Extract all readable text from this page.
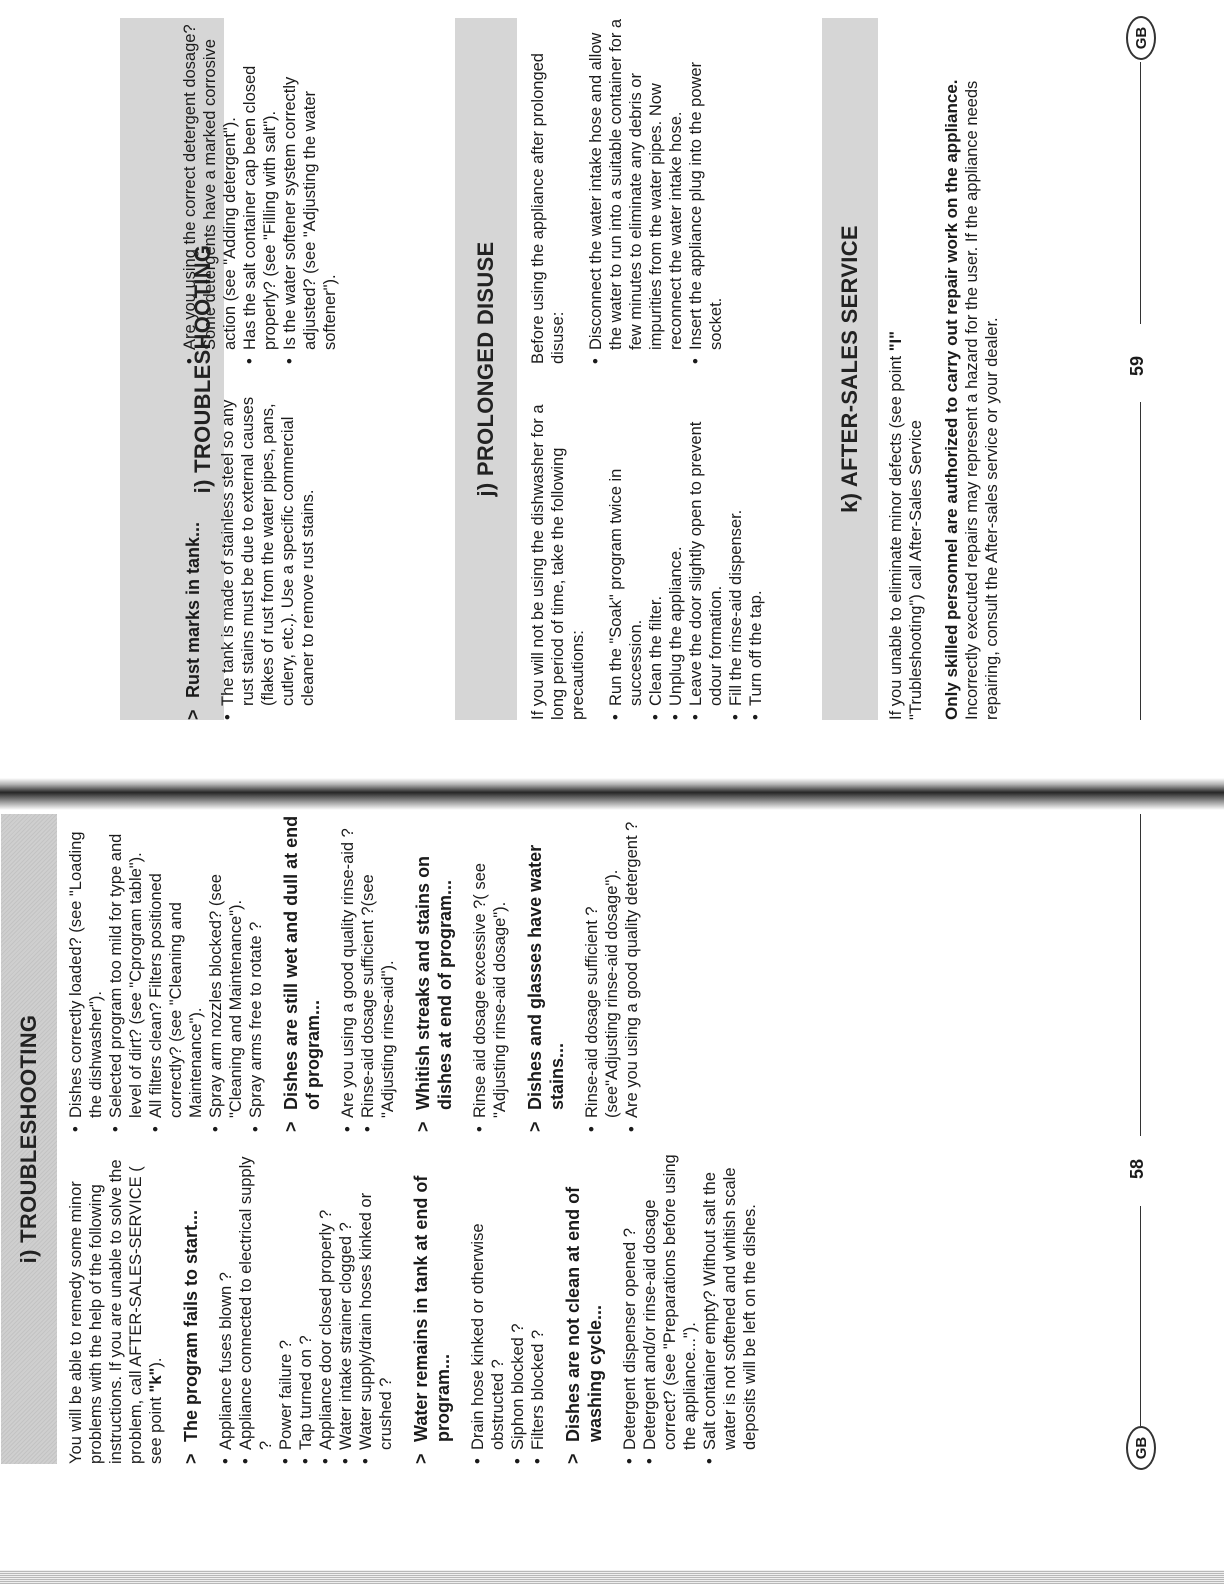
i) TROUBLESHOOTING

You will be able to remedy some minor problems with the help of the following instructions. If you are unable to solve the problem, call AFTER-SALES-SERVICE ( see point "k").

>The program fails to start... • Appliance fuses blown ? • Appliance connected to electrical supply ? • Power failure ? • Tap turned on ? • Appliance door closed properly ? • Water intake strainer clogged ? • Water supply/drain hoses kinked or crushed ?
>Water remains in tank at end of program... • Drain hose kinked or otherwise obstructed ? • Siphon blocked ? • Filters blocked ?
>Dishes are not clean at end of washing cycle... • Detergent dispenser opened ? • Detergent and/or rinse-aid dosage correct? (see "Preparations before using the appliance..."). • Salt container empty? Without salt the water is not softened and whitish scale deposits will be left on the dishes.
• Dishes correctly loaded? (see "Loading the dishwasher"). • Selected program too mild for type and level of dirt? (see "Cprogram table"). • All filters clean? Filters positioned correctly? (see "Cleaning and Maintenance"). • Spray arm nozzles blocked? (see "Cleaning and Maintenance"). • Spray arms free to rotate ?
>Dishes are still wet and dull at end of program... • Are you using a good quality rinse-aid ? • Rinse-aid dosage sufficient ?(see "Adjusting rinse-aid").
>Whitish streaks and stains on dishes at end of program... • Rinse aid dosage excessive ?( see "Adjusting rinse-aid dosage").
>Dishes and glasses have water stains... • Rinse-aid dosage sufficient ? (see"Adjusting rinse-aid dosage"). • Are you using a good quality detergent ?
GB
58
i) TROUBLESHOOTING
>Rust marks in tank... • The tank is made of stainless steel so any rust stains must be due to external causes (flakes of rust from the water pipes, pans, cutlery, etc.). Use a specific commercial cleaner to remove rust stains.
• Are you using the correct detergent dosage? Some detergents have a marked corrosive action (see "Adding detergent"). • Has the salt container cap been closed properly? (see "Filling with salt"). • Is the water softener system correctly adjusted? (see "Adjusting the water softener").	j) PROLONGED DISUSE

If you will not be using the dishwasher for a long period of time, take the following precautions: • Run the "Soak" program twice in succession. • Clean the filter. • Unplug the appliance. • Leave the door slightly open to prevent odour formation. • Fill the rinse-aid dispenser. • Turn off the tap.

Before using the appliance after prolonged disuse: • Disconnect the water intake hose and allow the water to run into a suitable container for a few minutes to eliminate any debris or impurities from the water pipes. Now reconnect the water intake hose. • Insert the appliance plug into the power socket.	k) AFTER-SALES SERVICE If you unable to eliminate minor defects (see point "I" "Trubleshooting") call After-Sales Service Only skilled personnel are authorized to carry out repair work on the appliance. Incorrectly executed repairs may represent a hazard for the user. If the appliance needs repairing, consult the After-sales service or your dealer.	59
GB
